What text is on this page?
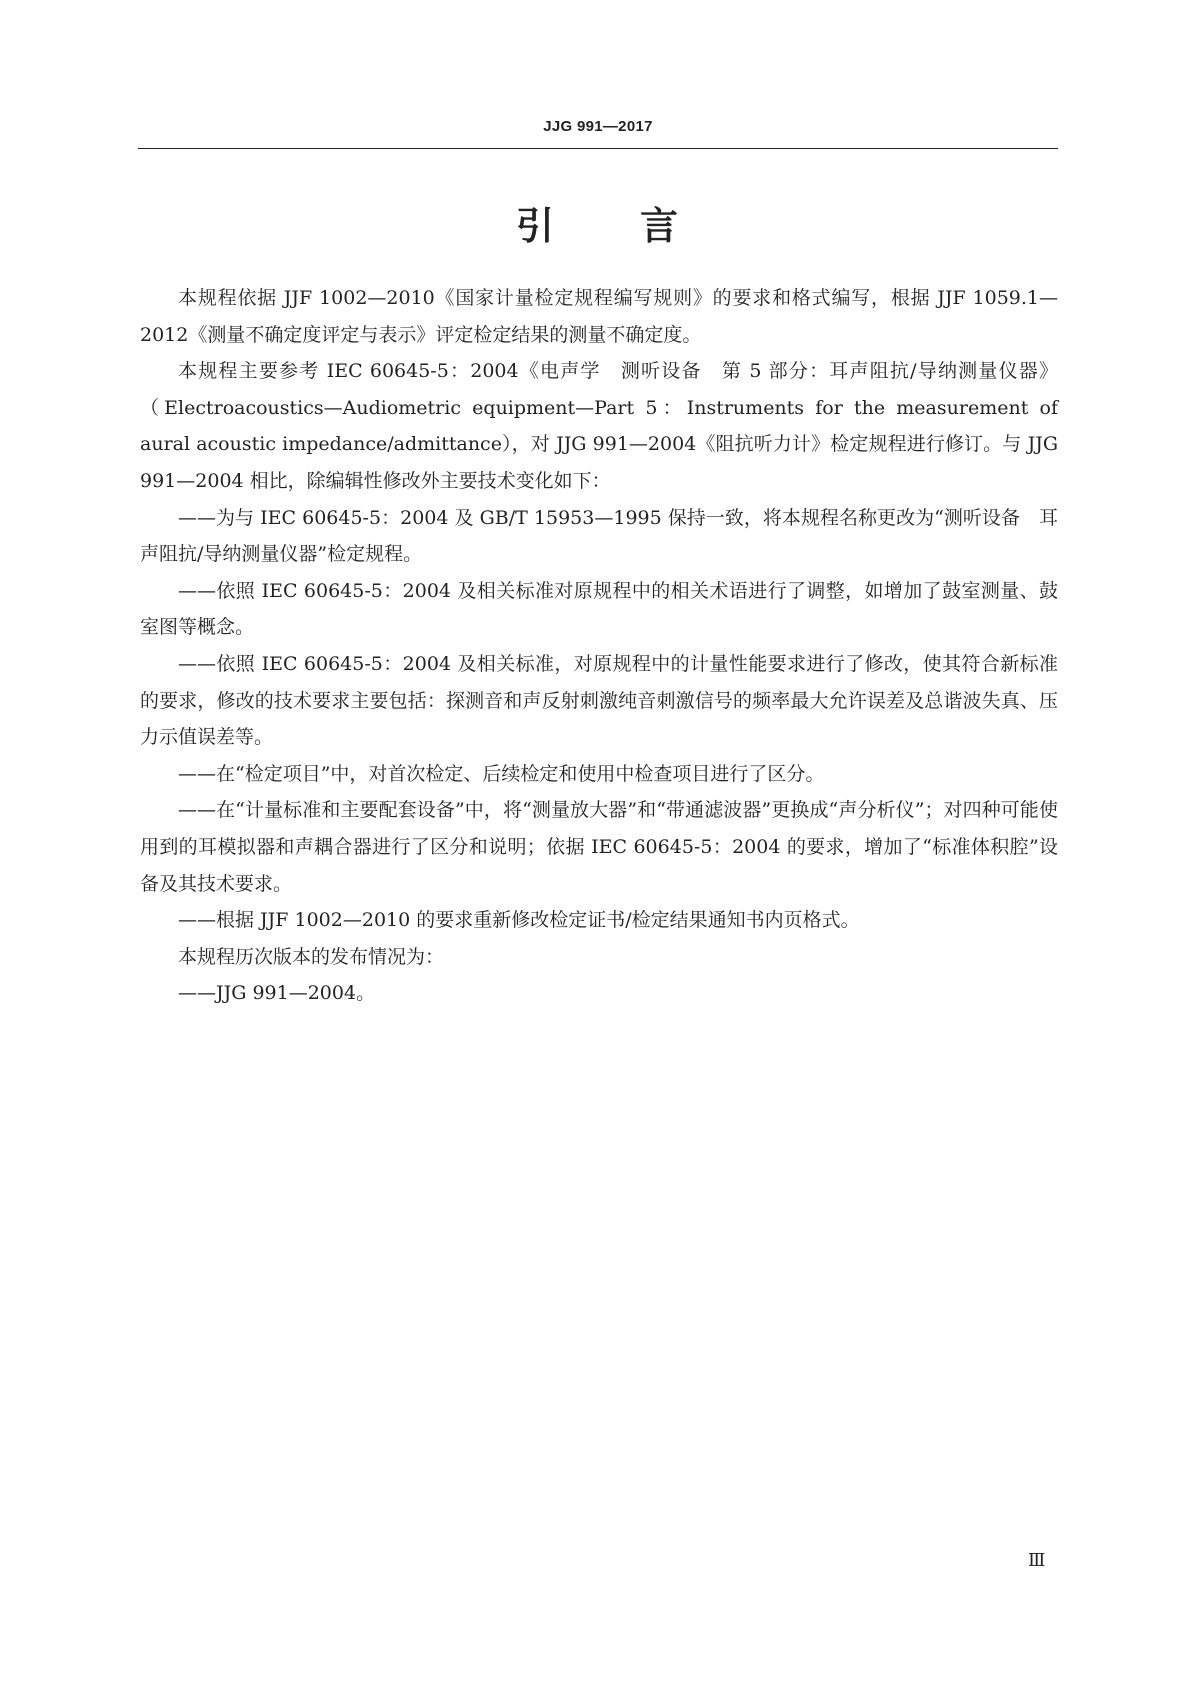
JJG 991—2017
引 言

本规程依据 JJF 1002—2010《国家计量检定规程编写规则》的要求和格式编写，根据 JJF 1059.1—2012《测量不确定度评定与表示》评定检定结果的测量不确定度。

本规程主要参考 IEC 60645-5：2004《电声学　测听设备　第 5 部分：耳声阻抗/导纳测量仪器》（Electroacoustics—Audiometric equipment—Part 5：Instruments for the measurement of aural acoustic impedance/admittance），对 JJG 991—2004《阻抗听力计》检定规程进行修订。与 JJG 991—2004 相比，除编辑性修改外主要技术变化如下：

——为与 IEC 60645-5：2004 及 GB/T 15953—1995 保持一致，将本规程名称更改为“测听设备　耳声阻抗/导纳测量仪器”检定规程。

——依照 IEC 60645-5：2004 及相关标准对原规程中的相关术语进行了调整，如增加了鼓室测量、鼓室图等概念。

——依照 IEC 60645-5：2004 及相关标准，对原规程中的计量性能要求进行了修改，使其符合新标准的要求，修改的技术要求主要包括：探测音和声反射刺激纯音刺激信号的频率最大允许误差及总谐波失真、压力示值误差等。

——在“检定项目”中，对首次检定、后续检定和使用中检查项目进行了区分。

——在“计量标准和主要配套设备”中，将“测量放大器”和“带通滤波器”更换成“声分析仪”；对四种可能使用到的耳模拟器和声耦合器进行了区分和说明；依据 IEC 60645-5：2004 的要求，增加了“标准体积腔”设备及其技术要求。

——根据 JJF 1002—2010 的要求重新修改检定证书/检定结果通知书内页格式。

本规程历次版本的发布情况为：

——JJG 991—2004。

Ⅲ
